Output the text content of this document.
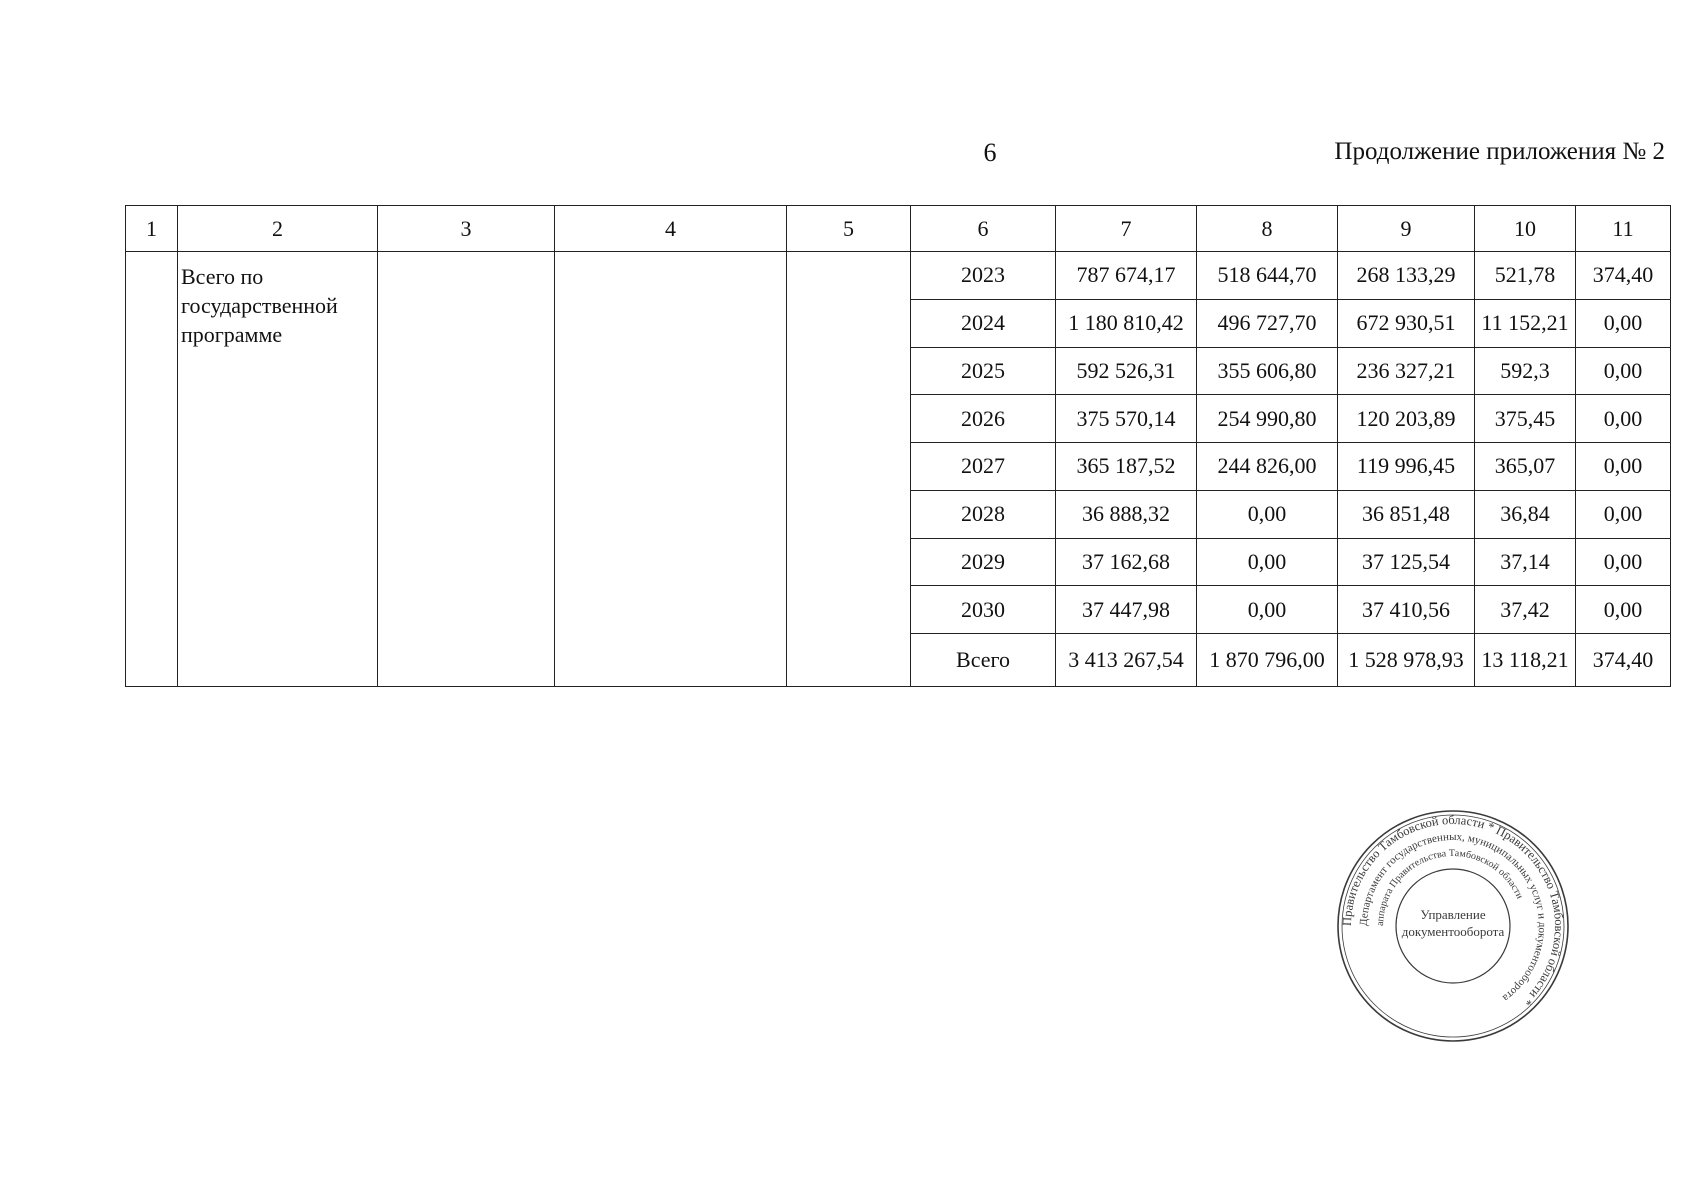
6	Продолжение приложения № 2
1	2	3	4	5	6	7	8	9	10	11
	Всего по государственной программе				2023	787 674,17	518 644,70	268 133,29	521,78	374,40
					2024	1 180 810,42	496 727,70	672 930,51	11 152,21	0,00
					2025	592 526,31	355 606,80	236 327,21	592,3	0,00
					2026	375 570,14	254 990,80	120 203,89	375,45	0,00
					2027	365 187,52	244 826,00	119 996,45	365,07	0,00
					2028	36 888,32	0,00	36 851,48	36,84	0,00
					2029	37 162,68	0,00	37 125,54	37,14	0,00
					2030	37 447,98	0,00	37 410,56	37,42	0,00
					Всего	3 413 267,54	1 870 796,00	1 528 978,93	13 118,21	374,40
Правительство Тамбовской области * Правительство Тамбовской области *
Департамент государственных, муниципальных услуг и документооборота
аппарата Правительства Тамбовской области
Управление
документооборота
